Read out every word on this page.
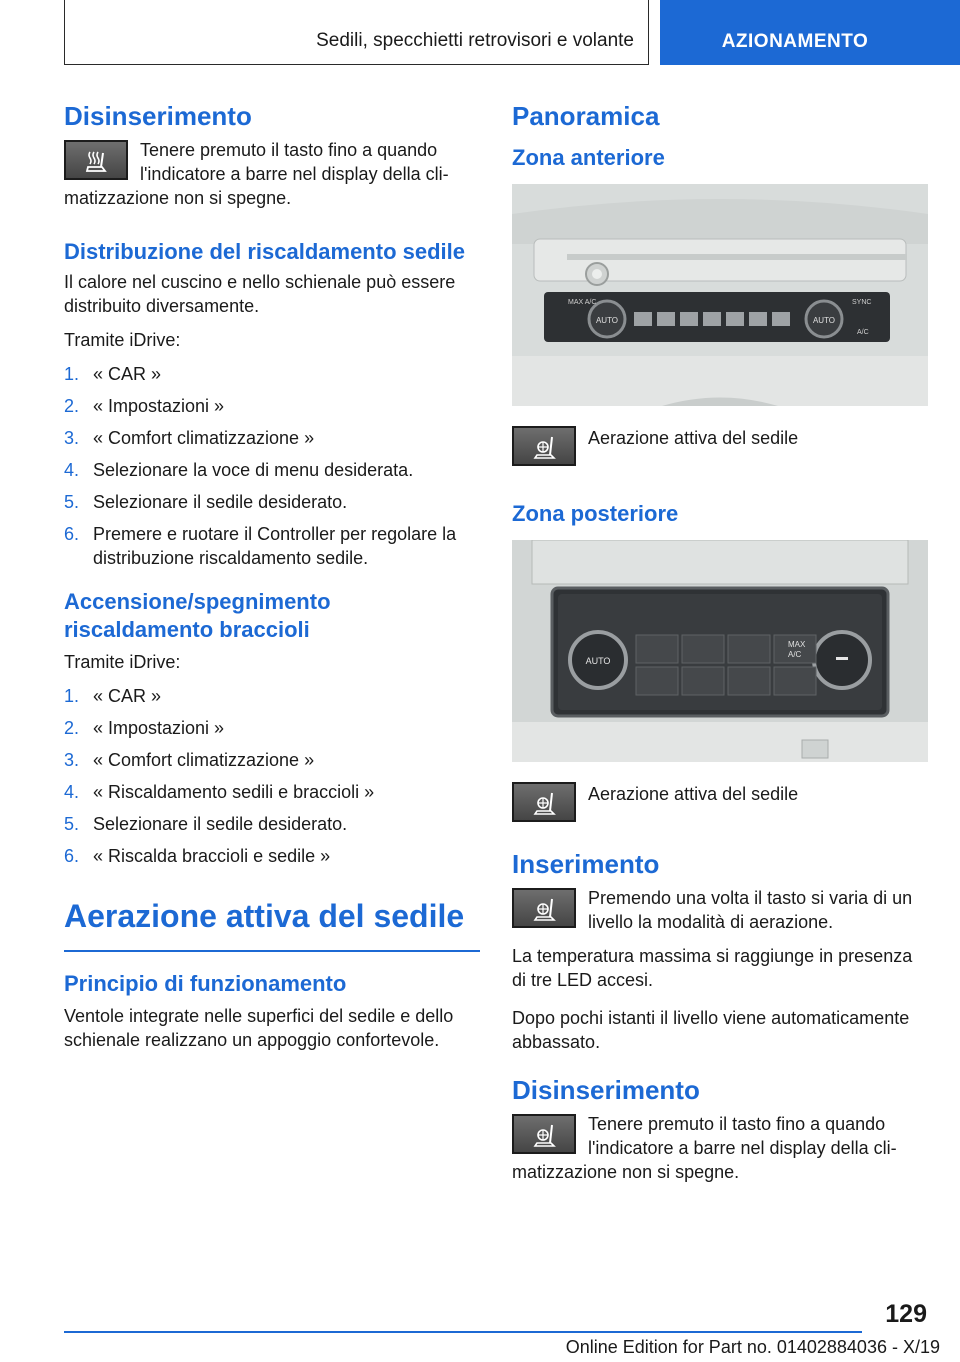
Sedili, specchietti retrovisori e volante	AZIONAMENTO
Disinserimento

Tenere premuto il tasto fino a quando l'indicatore a barre nel display della climatizzazione non si spegne.

Distribuzione del riscaldamento sedile

Il calore nel cuscino e nello schienale può essere distribuito diversamente.

Tramite iDrive:

1. « CAR »
2. « Impostazioni »
3. « Comfort climatizzazione »
4. Selezionare la voce di menu desiderata.
5. Selezionare il sedile desiderato.
6. Premere e ruotare il Controller per regolare la distribuzione riscaldamento sedile.
Accensione/spegnimento riscaldamento braccioli

Tramite iDrive:

1. « CAR »
2. « Impostazioni »
3. « Comfort climatizzazione »
4. « Riscaldamento sedili e braccioli »
5. Selezionare il sedile desiderato.
6. « Riscalda braccioli e sedile »
Aerazione attiva del sedile
Principio di funzionamento

Ventole integrate nelle superfici del sedile e dello schienale realizzano un appoggio confortevole.

Panoramica
Zona anteriore
AUTO	AUTO
MAX A/C	SYNC
A/C
Aerazione attiva del sedile
Zona posteriore
AUTO
MAX
A/C
Aerazione attiva del sedile
Inserimento

Premendo una volta il tasto si varia di un livello la modalità di aerazione.

La temperatura massima si raggiunge in presenza di tre LED accesi.

Dopo pochi istanti il livello viene automaticamente abbassato.

Disinserimento

Tenere premuto il tasto fino a quando l'indicatore a barre nel display della climatizzazione non si spegne.

129
Online Edition for Part no. 01402884036 - X/19
